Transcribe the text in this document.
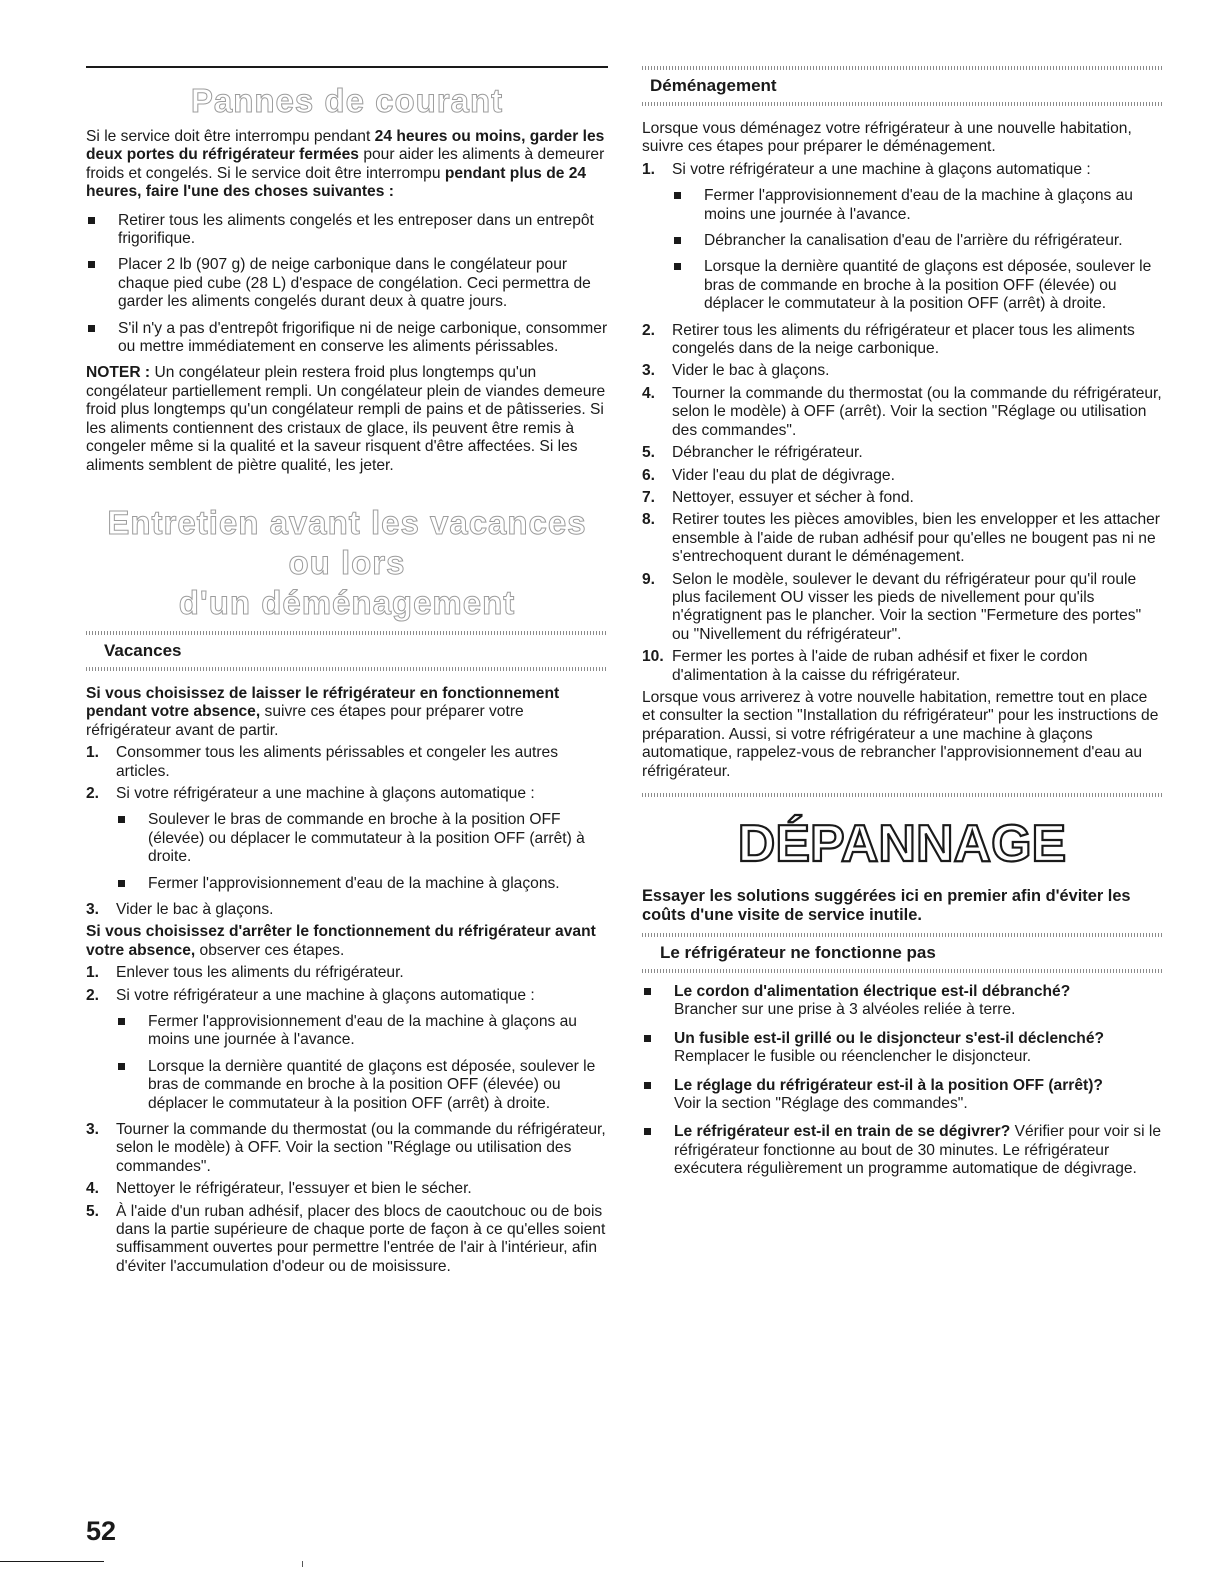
Pannes de courant

Si le service doit être interrompu pendant 24 heures ou moins, garder les deux portes du réfrigérateur fermées pour aider les aliments à demeurer froids et congelés. Si le service doit être interrompu pendant plus de 24 heures, faire l'une des choses suivantes :

Retirer tous les aliments congelés et les entreposer dans un entrepôt frigorifique.
Placer 2 lb (907 g) de neige carbonique dans le congélateur pour chaque pied cube (28 L) d'espace de congélation. Ceci permettra de garder les aliments congelés durant deux à quatre jours.
S'il n'y a pas d'entrepôt frigorifique ni de neige carbonique, consommer ou mettre immédiatement en conserve les aliments périssables.

NOTER : Un congélateur plein restera froid plus longtemps qu'un congélateur partiellement rempli. Un congélateur plein de viandes demeure froid plus longtemps qu'un congélateur rempli de pains et de pâtisseries. Si les aliments contiennent des cristaux de glace, ils peuvent être remis à congeler même si la qualité et la saveur risquent d'être affectées. Si les aliments semblent de piètre qualité, les jeter.

Entretien avant les vacances ou lors
d'un déménagement
Vacances

Si vous choisissez de laisser le réfrigérateur en fonctionnement pendant votre absence, suivre ces étapes pour préparer votre réfrigérateur avant de partir.

1. Consommer tous les aliments périssables et congeler les autres articles.
2. Si votre réfrigérateur a une machine à glaçons automatique :
Soulever le bras de commande en broche à la position OFF (élevée) ou déplacer le commutateur à la position OFF (arrêt) à droite.
Fermer l'approvisionnement d'eau de la machine à glaçons.
3. Vider le bac à glaçons.

Si vous choisissez d'arrêter le fonctionnement du réfrigérateur avant votre absence, observer ces étapes.

1. Enlever tous les aliments du réfrigérateur.
2. Si votre réfrigérateur a une machine à glaçons automatique :
Fermer l'approvisionnement d'eau de la machine à glaçons au moins une journée à l'avance.
Lorsque la dernière quantité de glaçons est déposée, soulever le bras de commande en broche à la position OFF (élevée) ou déplacer le commutateur à la position OFF (arrêt) à droite.
3. Tourner la commande du thermostat (ou la commande du réfrigérateur, selon le modèle) à OFF. Voir la section "Réglage ou utilisation des commandes".
4. Nettoyer le réfrigérateur, l'essuyer et bien le sécher.
5. À l'aide d'un ruban adhésif, placer des blocs de caoutchouc ou de bois dans la partie supérieure de chaque porte de façon à ce qu'elles soient suffisamment ouvertes pour permettre l'entrée de l'air à l'intérieur, afin d'éviter l'accumulation d'odeur ou de moisissure.
Déménagement

Lorsque vous déménagez votre réfrigérateur à une nouvelle habitation, suivre ces étapes pour préparer le déménagement.

1. Si votre réfrigérateur a une machine à glaçons automatique :
Fermer l'approvisionnement d'eau de la machine à glaçons au moins une journée à l'avance.
Débrancher la canalisation d'eau de l'arrière du réfrigérateur.
Lorsque la dernière quantité de glaçons est déposée, soulever le bras de commande en broche à la position OFF (élevée) ou déplacer le commutateur à la position OFF (arrêt) à droite.
2. Retirer tous les aliments du réfrigérateur et placer tous les aliments congelés dans de la neige carbonique.
3. Vider le bac à glaçons.
4. Tourner la commande du thermostat (ou la commande du réfrigérateur, selon le modèle) à OFF (arrêt). Voir la section "Réglage ou utilisation des commandes".
5. Débrancher le réfrigérateur.
6. Vider l'eau du plat de dégivrage.
7. Nettoyer, essuyer et sécher à fond.
8. Retirer toutes les pièces amovibles, bien les envelopper et les attacher ensemble à l'aide de ruban adhésif pour qu'elles ne bougent pas ni ne s'entrechoquent durant le déménagement.
9. Selon le modèle, soulever le devant du réfrigérateur pour qu'il roule plus facilement OU visser les pieds de nivellement pour qu'ils n'égratignent pas le plancher. Voir la section "Fermeture des portes" ou "Nivellement du réfrigérateur".
10. Fermer les portes à l'aide de ruban adhésif et fixer le cordon d'alimentation à la caisse du réfrigérateur.

Lorsque vous arriverez à votre nouvelle habitation, remettre tout en place et consulter la section "Installation du réfrigérateur" pour les instructions de préparation. Aussi, si votre réfrigérateur a une machine à glaçons automatique, rappelez-vous de rebrancher l'approvisionnement d'eau au réfrigérateur.

DÉPANNAGE
Essayer les solutions suggérées ici en premier afin d'éviter les coûts d'une visite de service inutile.
Le réfrigérateur ne fonctionne pas
Le cordon d'alimentation électrique est-il débranché?
Brancher sur une prise à 3 alvéoles reliée à terre.
Un fusible est-il grillé ou le disjoncteur s'est-il déclenché?
Remplacer le fusible ou réenclencher le disjoncteur.
Le réglage du réfrigérateur est-il à la position OFF (arrêt)?
Voir la section "Réglage des commandes".
Le réfrigérateur est-il en train de se dégivrer? Vérifier pour voir si le réfrigérateur fonctionne au bout de 30 minutes. Le réfrigérateur exécutera régulièrement un programme automatique de dégivrage.
52
